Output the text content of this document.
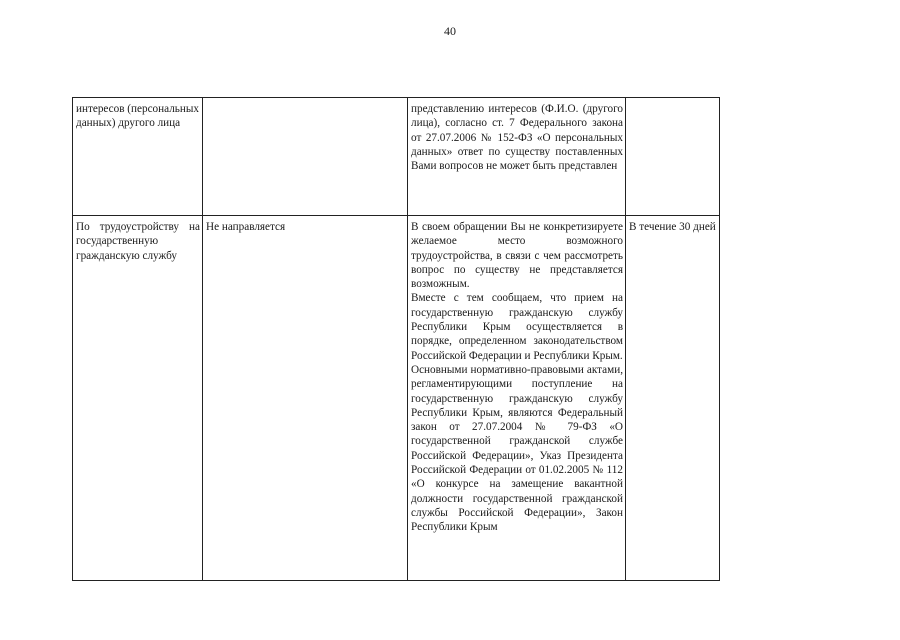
40
интересов (персональных данных) другого лица		представлению интересов (Ф.И.О. (другого лица), согласно ст. 7 Федерального закона от 27.07.2006 № 152-ФЗ «О персональных данных» ответ по существу поставленных Вами вопросов не может быть представлен	

По трудоустройству на государственную гражданскую службу	Не направляется	В своем обращении Вы не конкретизируете желаемое место возможного трудоустройства, в связи с чем рассмотреть вопрос по существу не представляется возможным.
Вместе с тем сообщаем, что прием на государственную гражданскую службу Республики Крым осуществляется в порядке, определенном законодательством Российской Федерации и Республики Крым.
Основными нормативно-правовыми актами, регламентирующими поступление на государственную гражданскую службу Республики Крым, являются Федеральный закон от 27.07.2004 № 79-ФЗ «О государственной гражданской службе Российской Федерации», Указ Президента Российской Федерации от 01.02.2005 № 112 «О конкурсе на замещение вакантной должности государственной гражданской службы Российской Федерации», Закон Республики Крым	В течение 30 дней
